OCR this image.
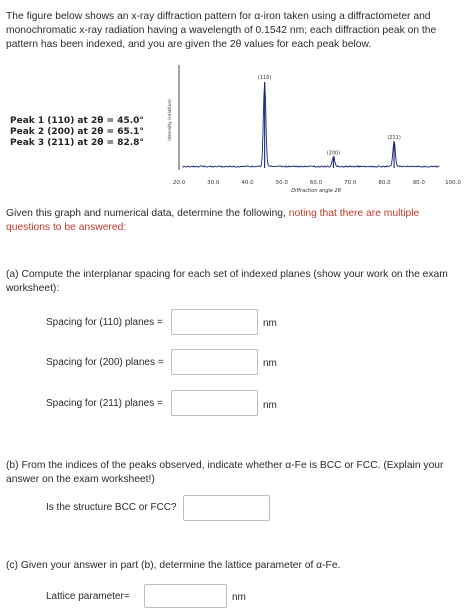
The figure below shows an x-ray diffraction pattern for α-iron taken using a diffractometer and
monochromatic x-ray radiation having a wavelength of 0.1542 nm; each diffraction peak on the
pattern has been indexed, and you are given the 2θ values for each peak below.
Peak 1 (110) at 2θ = 45.0°
Peak 2 (200) at 2θ = 65.1°
Peak 3 (211) at 2θ = 82.8°
20.0	30.0	40.0	50.0	60.0	70.0	80.0	90.0	100.0
Diffraction angle 2θ
Intensity (relative)
(110)
(200)
(211)
Given this graph and numerical data, determine the following, noting that there are multiple
questions to be answered:
(a) Compute the interplanar spacing for each set of indexed planes (show your work on the exam
worksheet):
Spacing for (110) planes =	nm
Spacing for (200) planes =	nm
Spacing for (211) planes =	nm
(b) From the indices of the peaks observed, indicate whether α-Fe is BCC or FCC. (Explain your
answer on the exam worksheet!)
Is the structure BCC or FCC?
(c) Given your answer in part (b), determine the lattice parameter of α-Fe.
Lattice parameter=	nm
